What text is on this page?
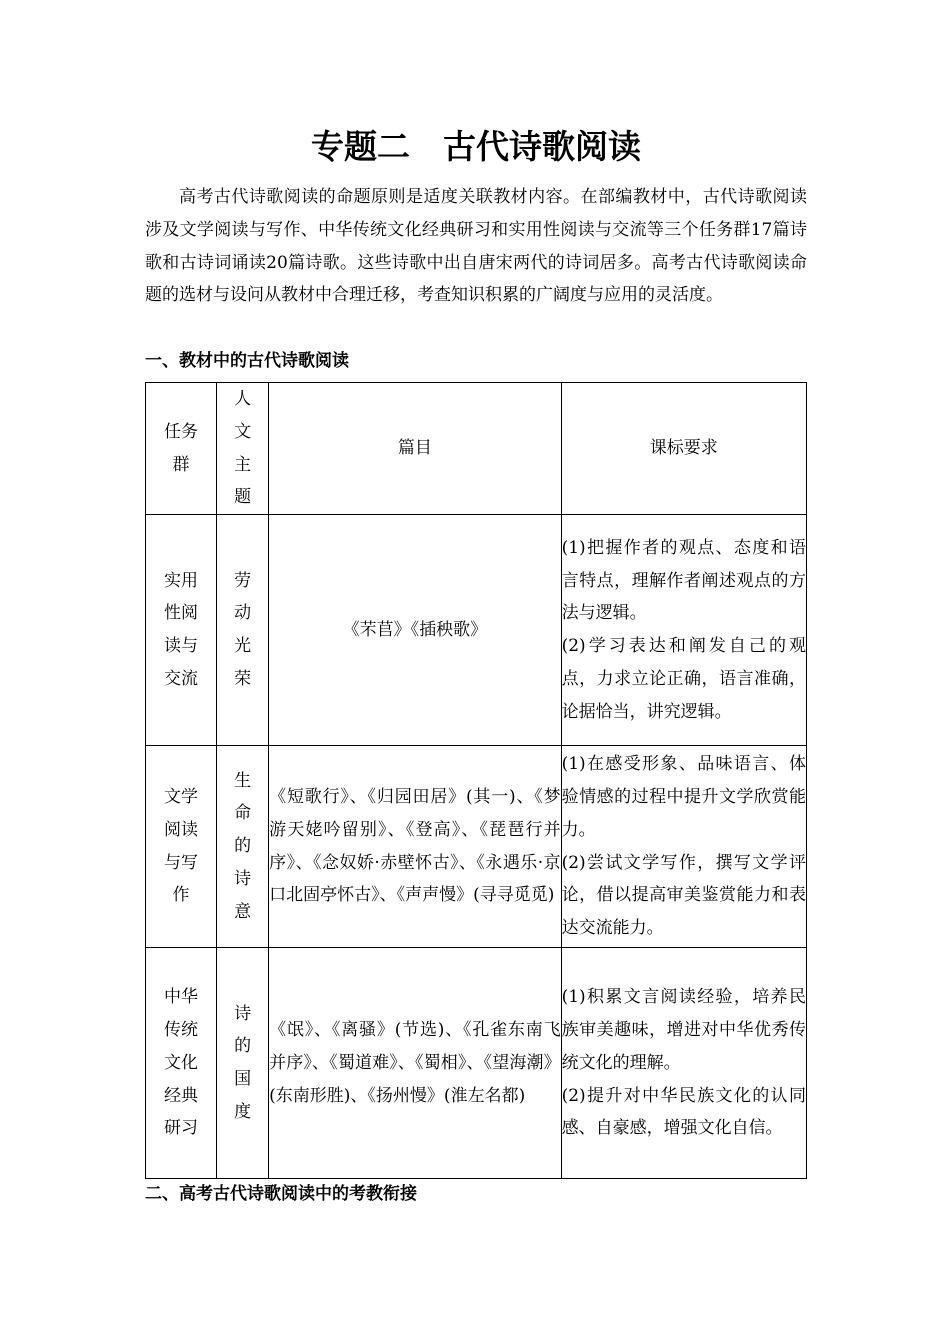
专题二　古代诗歌阅读

高考古代诗歌阅读的命题原则是适度关联教材内容。在部编教材中，古代诗歌阅读涉及文学阅读与写作、中华传统文化经典研习和实用性阅读与交流等三个任务群17篇诗歌和古诗词诵读20篇诗歌。这些诗歌中出自唐宋两代的诗词居多。高考古代诗歌阅读命题的选材与设问从教材中合理迁移，考查知识积累的广阔度与应用的灵活度。

一、教材中的古代诗歌阅读

任务群	人文主题	篇目	课标要求

实用性阅读与交流	劳动光荣	《芣苢》《插秧歌》	(1)把握作者的观点、态度和语言特点，理解作者阐述观点的方法与逻辑。

(2)学习表达和阐发自己的观点，力求立论正确，语言准确，论据恰当，讲究逻辑。

文学阅读与写作	生命的诗意	《短歌行》、《归园田居》(其一)、《梦游天姥吟留别》、《登高》、《琵琶行并序》、《念奴娇·赤壁怀古》、《永遇乐·京口北固亭怀古》、《声声慢》(寻寻觅觅)	(1)在感受形象、品味语言、体验情感的过程中提升文学欣赏能力。

(2)尝试文学写作，撰写文学评论，借以提高审美鉴赏能力和表达交流能力。

中华传统文化经典研习	诗的国度	《氓》、《离骚》(节选)、《孔雀东南飞并序》、《蜀道难》、《蜀相》、《望海潮》(东南形胜)、《扬州慢》(淮左名都)	(1)积累文言阅读经验，培养民族审美趣味，增进对中华优秀传统文化的理解。

(2)提升对中华民族文化的认同感、自豪感，增强文化自信。

二、高考古代诗歌阅读中的考教衔接
